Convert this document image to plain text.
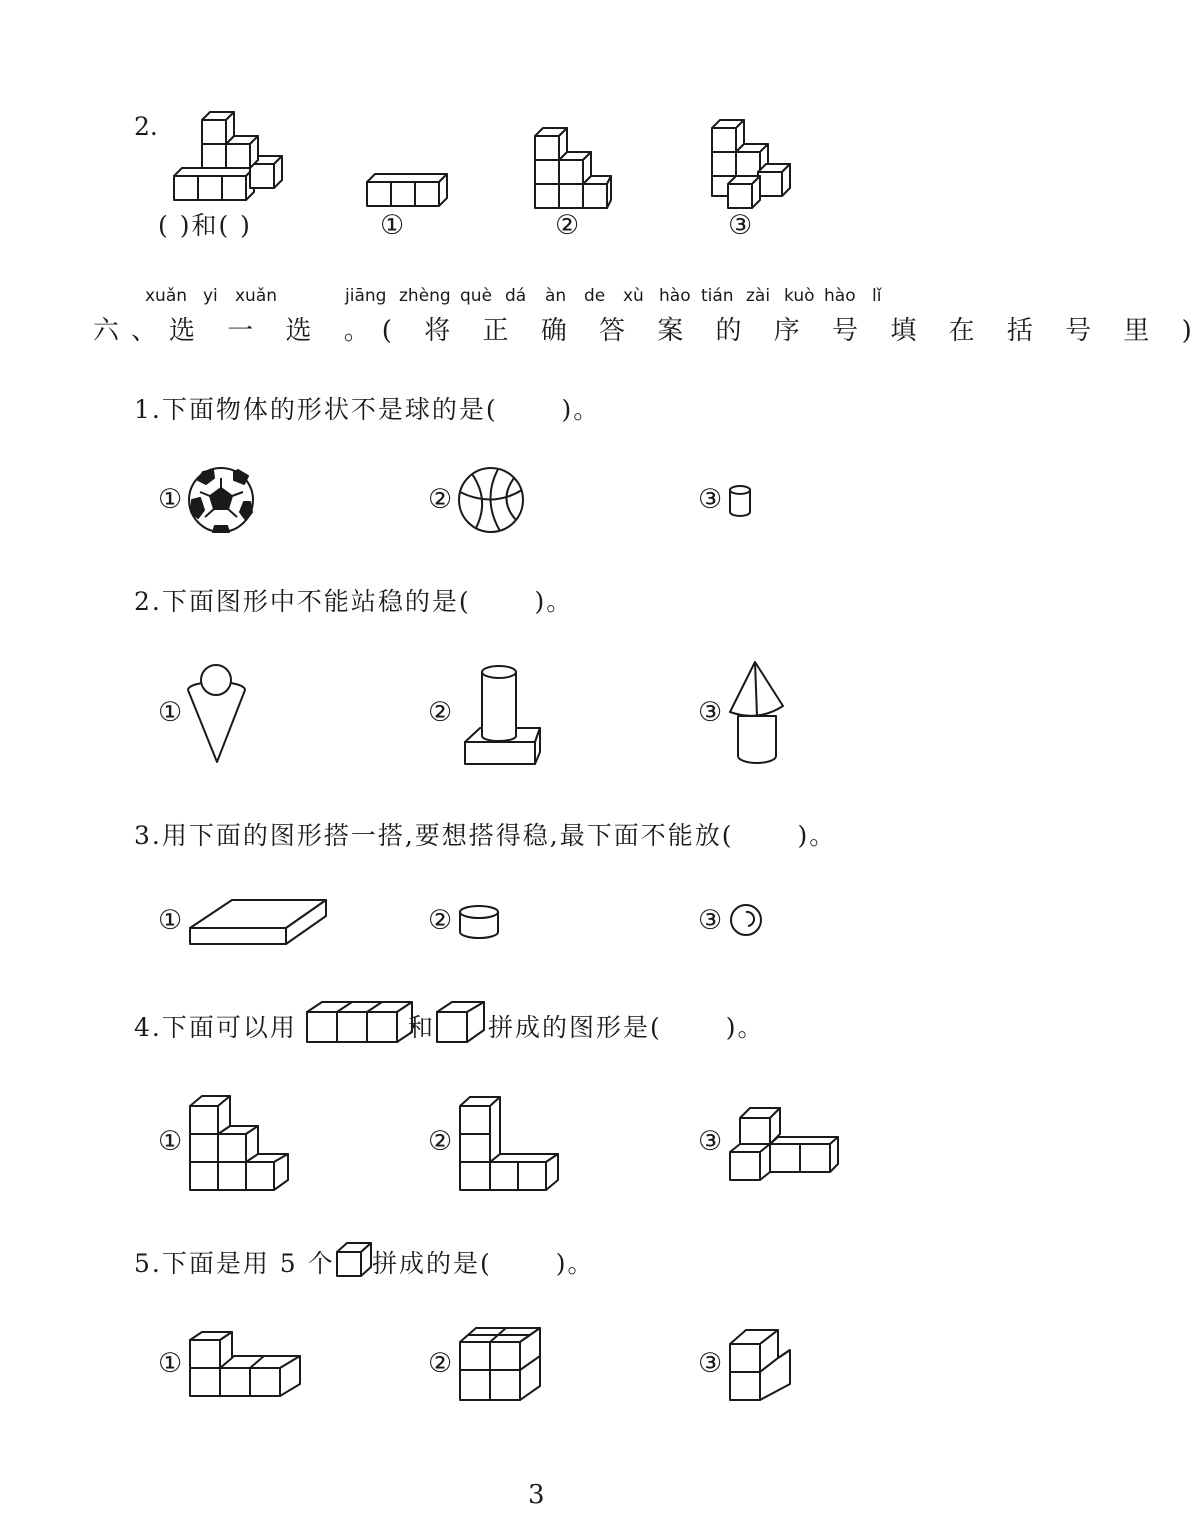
2.
( )和( )	①	②	③
xuǎn yi xuǎn	jiāng zhèng què dá àn de xù hào tián zài kuò hào lǐ
六、选 一 选 。( 将 正 确 答 案 的 序 号 填 在 括 号 里 )
1.下面物体的形状不是球的是(　　 )。
①	②	③
2.下面图形中不能站稳的是(　　 )。
①	②	③
3.用下面的图形搭一搭,要想搭得稳,最下面不能放(　　 )。
①	②	③
4.下面可以用	和 拼成的图形是(　　 )。
①	②	③
5.下面是用 5 个 拼成的是(　　 )。
①	②	③
3
